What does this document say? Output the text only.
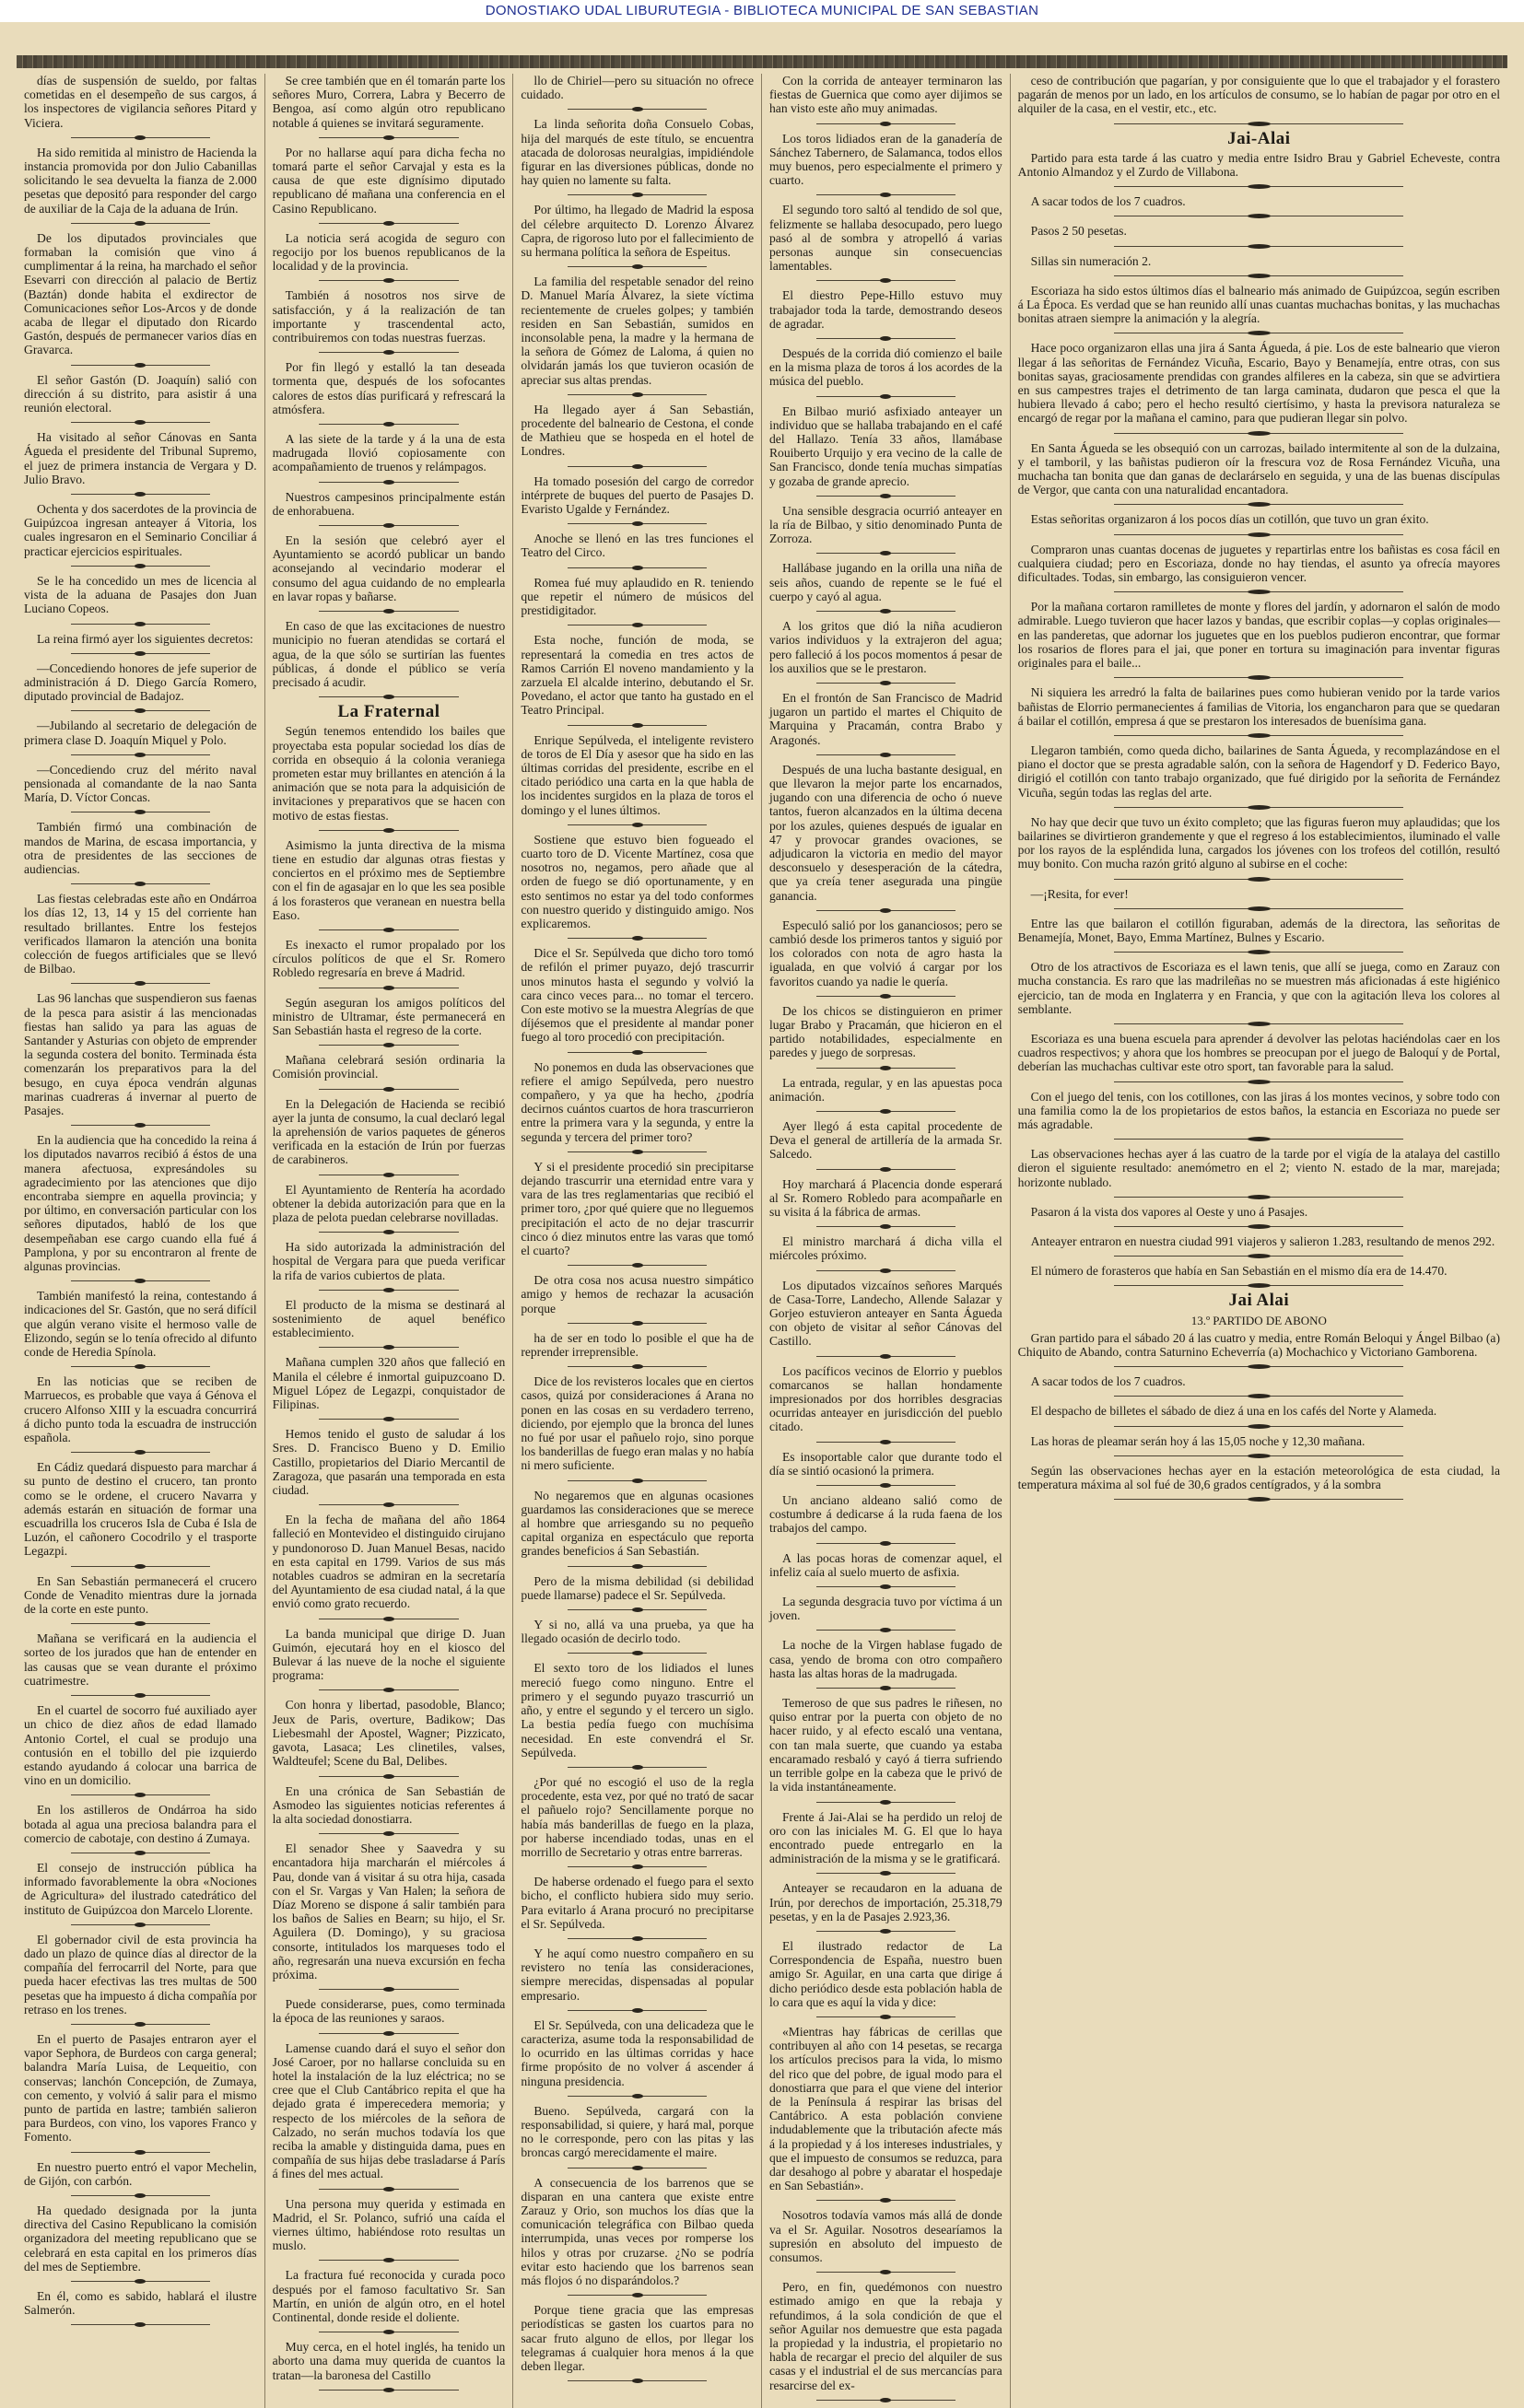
DONOSTIAKO UDAL LIBURUTEGIA - BIBLIOTECA MUNICIPAL DE SAN SEBASTIAN

días de suspensión de sueldo, por faltas cometidas en el desempeño de sus cargos, á los inspectores de vigilancia señores Pitard y Viciera.

Ha sido remitida al ministro de Hacienda la instancia promovida por don Julio Cabanillas solicitando le sea devuelta la fianza de 2.000 pesetas que depositó para responder del cargo de auxiliar de la Caja de la aduana de Irún.

De los diputados provinciales que formaban la comisión que vino á cumplimentar á la reina, ha marchado el señor Esevarri con dirección al palacio de Bertiz (Baztán) donde habita el exdirector de Comunicaciones señor Los-Arcos y de donde acaba de llegar el diputado don Ricardo Gastón, después de permanecer varios días en Gravarca.

El señor Gastón (D. Joaquín) salió con dirección á su distrito, para asistir á una reunión electoral.

Ha visitado al señor Cánovas en Santa Águeda el presidente del Tribunal Supremo, el juez de primera instancia de Vergara y D. Julio Bravo.

Ochenta y dos sacerdotes de la provincia de Guipúzcoa ingresan anteayer á Vitoria, los cuales ingresaron en el Seminario Conciliar á practicar ejercicios espirituales.

Se le ha concedido un mes de licencia al vista de la aduana de Pasajes don Juan Luciano Copeos.

La reina firmó ayer los siguientes decretos:

—Concediendo honores de jefe superior de administración á D. Diego García Romero, diputado provincial de Badajoz.

—Jubilando al secretario de delegación de primera clase D. Joaquín Miquel y Polo.

—Concediendo cruz del mérito naval pensionada al comandante de la nao Santa María, D. Víctor Concas.

También firmó una combinación de mandos de Marina, de escasa importancia, y otra de presidentes de las secciones de audiencias.

Las fiestas celebradas este año en Ondárroa los días 12, 13, 14 y 15 del corriente han resultado brillantes. Entre los festejos verificados llamaron la atención una bonita colección de fuegos artificiales que se llevó de Bilbao.

Las 96 lanchas que suspendieron sus faenas de la pesca para asistir á las mencionadas fiestas han salido ya para las aguas de Santander y Asturias con objeto de emprender la segunda costera del bonito. Terminada ésta comenzarán los preparativos para la del besugo, en cuya época vendrán algunas marinas cuadreras á invernar al puerto de Pasajes.

En la audiencia que ha concedido la reina á los diputados navarros recibió á éstos de una manera afectuosa, expresándoles su agradecimiento por las atenciones que dijo encontraba siempre en aquella provincia; y por último, en conversación particular con los señores diputados, habló de los que desempeñaban ese cargo cuando ella fué á Pamplona, y por su encontraron al frente de algunas provincias.

También manifestó la reina, contestando á indicaciones del Sr. Gastón, que no será difícil que algún verano visite el hermoso valle de Elizondo, según se lo tenía ofrecido al difunto conde de Heredia Spínola.

En las noticias que se reciben de Marruecos, es probable que vaya á Génova el crucero Alfonso XIII y la escuadra concurrirá á dicho punto toda la escuadra de instrucción española.

En Cádiz quedará dispuesto para marchar á su punto de destino el crucero, tan pronto como se le ordene, el crucero Navarra y además estarán en situación de formar una escuadrilla los cruceros Isla de Cuba é Isla de Luzón, el cañonero Cocodrilo y el trasporte Legazpi.

En San Sebastián permanecerá el crucero Conde de Venadito mientras dure la jornada de la corte en este punto.

Mañana se verificará en la audiencia el sorteo de los jurados que han de entender en las causas que se vean durante el próximo cuatrimestre.

En el cuartel de socorro fué auxiliado ayer un chico de diez años de edad llamado Antonio Cortel, el cual se produjo una contusión en el tobillo del pie izquierdo estando ayudando á colocar una barrica de vino en un domicilio.

En los astilleros de Ondárroa ha sido botada al agua una preciosa balandra para el comercio de cabotaje, con destino á Zumaya.

El consejo de instrucción pública ha informado favorablemente la obra «Nociones de Agricultura» del ilustrado catedrático del instituto de Guipúzcoa don Marcelo Llorente.

El gobernador civil de esta provincia ha dado un plazo de quince días al director de la compañía del ferrocarril del Norte, para que pueda hacer efectivas las tres multas de 500 pesetas que ha impuesto á dicha compañía por retraso en los trenes.

En el puerto de Pasajes entraron ayer el vapor Sephora, de Burdeos con carga general; balandra María Luisa, de Lequeitio, con conservas; lanchón Concepción, de Zumaya, con cemento, y volvió á salir para el mismo punto de partida en lastre; también salieron para Burdeos, con vino, los vapores Franco y Fomento.

En nuestro puerto entró el vapor Mechelin, de Gijón, con carbón.

Ha quedado designada por la junta directiva del Casino Republicano la comisión organizadora del meeting republicano que se celebrará en esta capital en los primeros días del mes de Septiembre.

En él, como es sabido, hablará el ilustre Salmerón.

Se cree también que en él tomarán parte los señores Muro, Correra, Labra y Becerro de Bengoa, así como algún otro republicano notable á quienes se invitará seguramente.

Por no hallarse aquí para dicha fecha no tomará parte el señor Carvajal y esta es la causa de que este dignísimo diputado republicano dé mañana una conferencia en el Casino Republicano.

La noticia será acogida de seguro con regocijo por los buenos republicanos de la localidad y de la provincia.

También á nosotros nos sirve de satisfacción, y á la realización de tan importante y trascendental acto, contribuiremos con todas nuestras fuerzas.

Por fin llegó y estalló la tan deseada tormenta que, después de los sofocantes calores de estos días purificará y refrescará la atmósfera.

A las siete de la tarde y á la una de esta madrugada llovió copiosamente con acompañamiento de truenos y relámpagos.

Nuestros campesinos principalmente están de enhorabuena.

En la sesión que celebró ayer el Ayuntamiento se acordó publicar un bando aconsejando al vecindario moderar el consumo del agua cuidando de no emplearla en lavar ropas y bañarse.

En caso de que las excitaciones de nuestro municipio no fueran atendidas se cortará el agua, de la que sólo se surtirían las fuentes públicas, á donde el público se vería precisado á acudir.

La Fraternal

Según tenemos entendido los bailes que proyectaba esta popular sociedad los días de corrida en obsequio á la colonia veraniega prometen estar muy brillantes en atención á la animación que se nota para la adquisición de invitaciones y preparativos que se hacen con motivo de estas fiestas.

Asimismo la junta directiva de la misma tiene en estudio dar algunas otras fiestas y conciertos en el próximo mes de Septiembre con el fin de agasajar en lo que les sea posible á los forasteros que veranean en nuestra bella Easo.

Es inexacto el rumor propalado por los círculos políticos de que el Sr. Romero Robledo regresaría en breve á Madrid.

Según aseguran los amigos políticos del ministro de Ultramar, éste permanecerá en San Sebastián hasta el regreso de la corte.

Mañana celebrará sesión ordinaria la Comisión provincial.

En la Delegación de Hacienda se recibió ayer la junta de consumo, la cual declaró legal la aprehensión de varios paquetes de géneros verificada en la estación de Irún por fuerzas de carabineros.

El Ayuntamiento de Rentería ha acordado obtener la debida autorización para que en la plaza de pelota puedan celebrarse novilladas.

Ha sido autorizada la administración del hospital de Vergara para que pueda verificar la rifa de varios cubiertos de plata.

El producto de la misma se destinará al sostenimiento de aquel benéfico establecimiento.

Mañana cumplen 320 años que falleció en Manila el célebre é inmortal guipuzcoano D. Miguel López de Legazpi, conquistador de Filipinas.

Hemos tenido el gusto de saludar á los Sres. D. Francisco Bueno y D. Emilio Castillo, propietarios del Diario Mercantil de Zaragoza, que pasarán una temporada en esta ciudad.

En la fecha de mañana del año 1864 falleció en Montevideo el distinguido cirujano y pundonoroso D. Juan Manuel Besas, nacido en esta capital en 1799. Varios de sus más notables cuadros se admiran en la secretaría del Ayuntamiento de esa ciudad natal, á la que envió como grato recuerdo.

La banda municipal que dirige D. Juan Guimón, ejecutará hoy en el kiosco del Bulevar á las nueve de la noche el siguiente programa:

Con honra y libertad, pasodoble, Blanco; Jeux de Paris, overture, Badikow; Das Liebesmahl der Apostel, Wagner; Pizzicato, gavota, Lasaca; Les clinetiles, valses, Waldteufel; Scene du Bal, Delibes.

En una crónica de San Sebastián de Asmodeo las siguientes noticias referentes á la alta sociedad donostiarra.

El senador Shee y Saavedra y su encantadora hija marcharán el miércoles á Pau, donde van á visitar á su otra hija, casada con el Sr. Vargas y Van Halen; la señora de Díaz Moreno se dispone á salir también para los baños de Salies en Bearn; su hijo, el Sr. Aguilera (D. Domingo), y su graciosa consorte, intitulados los marqueses todo el año, regresarán una nueva excursión en fecha próxima.

Puede considerarse, pues, como terminada la época de las reuniones y saraos.

Lamense cuando dará el suyo el señor don José Caroer, por no hallarse concluida su en hotel la instalación de la luz eléctrica; no se cree que el Club Cantábrico repita el que ha dejado grata é imperecedera memoria; y respecto de los miércoles de la señora de Calzado, no serán muchos todavía los que reciba la amable y distinguida dama, pues en compañía de sus hijas debe trasladarse á París á fines del mes actual.

Una persona muy querida y estimada en Madrid, el Sr. Polanco, sufrió una caída el viernes último, habiéndose roto resultas un muslo.

La fractura fué reconocida y curada poco después por el famoso facultativo Sr. San Martín, en unión de algún otro, en el hotel Continental, donde reside el doliente.

Muy cerca, en el hotel inglés, ha tenido un aborto una dama muy querida de cuantos la tratan—la baronesa del Castillo

llo de Chiriel—pero su situación no ofrece cuidado.

La linda señorita doña Consuelo Cobas, hija del marqués de este título, se encuentra atacada de dolorosas neuralgias, impidiéndole figurar en las diversiones públicas, donde no hay quien no lamente su falta.

Por último, ha llegado de Madrid la esposa del célebre arquitecto D. Lorenzo Álvarez Capra, de rigoroso luto por el fallecimiento de su hermana política la señora de Espeitus.

La familia del respetable senador del reino D. Manuel María Álvarez, la siete víctima recientemente de crueles golpes; y también residen en San Sebastián, sumidos en inconsolable pena, la madre y la hermana de la señora de Gómez de Laloma, á quien no olvidarán jamás los que tuvieron ocasión de apreciar sus altas prendas.

Ha llegado ayer á San Sebastián, procedente del balneario de Cestona, el conde de Mathieu que se hospeda en el hotel de Londres.

Ha tomado posesión del cargo de corredor intérprete de buques del puerto de Pasajes D. Evaristo Ugalde y Fernández.

Anoche se llenó en las tres funciones el Teatro del Circo.

Romea fué muy aplaudido en R. teniendo que repetir el número de músicos del prestidigitador.

Esta noche, función de moda, se representará la comedia en tres actos de Ramos Carrión El noveno mandamiento y la zarzuela El alcalde interino, debutando el Sr. Povedano, el actor que tanto ha gustado en el Teatro Principal.

Enrique Sepúlveda, el inteligente revistero de toros de El Día y asesor que ha sido en las últimas corridas del presidente, escribe en el citado periódico una carta en la que habla de los incidentes surgidos en la plaza de toros el domingo y el lunes últimos.

Sostiene que estuvo bien fogueado el cuarto toro de D. Vicente Martínez, cosa que nosotros no, negamos, pero añade que al orden de fuego se dió oportunamente, y en esto sentimos no estar ya del todo conformes con nuestro querido y distinguido amigo. Nos explicaremos.

Dice el Sr. Sepúlveda que dicho toro tomó de refilón el primer puyazo, dejó trascurrir unos minutos hasta el segundo y volvió la cara cinco veces para... no tomar el tercero. Con este motivo se la muestra Alegrías de que díjésemos que el presidente al mandar poner fuego al toro procedió con precipitación.

No ponemos en duda las observaciones que refiere el amigo Sepúlveda, pero nuestro compañero, y ya que ha hecho, ¿podría decirnos cuántos cuartos de hora trascurrieron entre la primera vara y la segunda, y entre la segunda y tercera del primer toro?

Y si el presidente procedió sin precipitarse dejando trascurrir una eternidad entre vara y vara de las tres reglamentarias que recibió el primer toro, ¿por qué quiere que no lleguemos precipitación el acto de no dejar trascurrir cinco ó diez minutos entre las varas que tomó el cuarto?

De otra cosa nos acusa nuestro simpático amigo y hemos de rechazar la acusación porque

ha de ser en todo lo posible el que ha de reprender irreprensible.

Dice de los revisteros locales que en ciertos casos, quizá por consideraciones á Arana no ponen en las cosas en su verdadero terreno, diciendo, por ejemplo que la bronca del lunes no fué por usar el pañuelo rojo, sino porque los banderillas de fuego eran malas y no había ni mero suficiente.

No negaremos que en algunas ocasiones guardamos las consideraciones que se merece al hombre que arriesgando su no pequeño capital organiza en espectáculo que reporta grandes beneficios á San Sebastián.

Pero de la misma debilidad (si debilidad puede llamarse) padece el Sr. Sepúlveda.

Y si no, allá va una prueba, ya que ha llegado ocasión de decirlo todo.

El sexto toro de los lidiados el lunes mereció fuego como ninguno. Entre el primero y el segundo puyazo trascurrió un año, y entre el segundo y el tercero un siglo. La bestia pedía fuego con muchísima necesidad. En este convendrá el Sr. Sepúlveda.

¿Por qué no escogió el uso de la regla procedente, esta vez, por qué no trató de sacar el pañuelo rojo? Sencillamente porque no había más banderillas de fuego en la plaza, por haberse incendiado todas, unas en el morrillo de Secretario y otras entre barreras.

De haberse ordenado el fuego para el sexto bicho, el conflicto hubiera sido muy serio. Para evitarlo á Arana procuró no precipitarse el Sr. Sepúlveda.

Y he aquí como nuestro compañero en su revistero no tenía las consideraciones, siempre merecidas, dispensadas al popular empresario.

El Sr. Sepúlveda, con una delicadeza que le caracteriza, asume toda la responsabilidad de lo ocurrido en las últimas corridas y hace firme propósito de no volver á ascender á ninguna presidencia.

Bueno. Sepúlveda, cargará con la responsabilidad, si quiere, y hará mal, porque no le corresponde, pero con las pitas y las broncas cargó merecidamente el maire.

A consecuencia de los barrenos que se disparan en una cantera que existe entre Zarauz y Orio, son muchos los días que la comunicación telegráfica con Bilbao queda interrumpida, unas veces por romperse los hilos y otras por cruzarse. ¿No se podría evitar esto haciendo que los barrenos sean más flojos ó no disparándolos.?

Porque tiene gracia que las empresas periodísticas se gasten los cuartos para no sacar fruto alguno de ellos, por llegar los telegramas á cualquier hora menos á la que deben llegar.

Con la corrida de anteayer terminaron las fiestas de Guernica que como ayer dijimos se han visto este año muy animadas.

Los toros lidiados eran de la ganadería de Sánchez Tabernero, de Salamanca, todos ellos muy buenos, pero especialmente el primero y cuarto.

El segundo toro saltó al tendido de sol que, felizmente se hallaba desocupado, pero luego pasó al de sombra y atropelló á varias personas aunque sin consecuencias lamentables.

El diestro Pepe-Hillo estuvo muy trabajador toda la tarde, demostrando deseos de agradar.

Después de la corrida dió comienzo el baile en la misma plaza de toros á los acordes de la música del pueblo.

En Bilbao murió asfixiado anteayer un individuo que se hallaba trabajando en el café del Hallazo. Tenía 33 años, llamábase Rouiberto Urquijo y era vecino de la calle de San Francisco, donde tenía muchas simpatías y gozaba de grande aprecio.

Una sensible desgracia ocurrió anteayer en la ría de Bilbao, y sitio denominado Punta de Zorroza.

Hallábase jugando en la orilla una niña de seis años, cuando de repente se le fué el cuerpo y cayó al agua.

A los gritos que dió la niña acudieron varios individuos y la extrajeron del agua; pero falleció á los pocos momentos á pesar de los auxilios que se le prestaron.

En el frontón de San Francisco de Madrid jugaron un partido el martes el Chiquito de Marquina y Pracamán, contra Brabo y Aragonés.

Después de una lucha bastante desigual, en que llevaron la mejor parte los encarnados, jugando con una diferencia de ocho ó nueve tantos, fueron alcanzados en la última decena por los azules, quienes después de igualar en 47 y provocar grandes ovaciones, se adjudicaron la victoria en medio del mayor desconsuelo y desesperación de la cátedra, que ya creía tener asegurada una pingüe ganancia.

Especuló salió por los gananciosos; pero se cambió desde los primeros tantos y siguió por los colorados con nota de agro hasta la igualada, en que volvió á cargar por los favoritos cuando ya nadie le quería.

De los chicos se distinguieron en primer lugar Brabo y Pracamán, que hicieron en el partido notabilidades, especialmente en paredes y juego de sorpresas.

La entrada, regular, y en las apuestas poca animación.

Ayer llegó á esta capital procedente de Deva el general de artillería de la armada Sr. Salcedo.

Hoy marchará á Placencia donde esperará al Sr. Romero Robledo para acompañarle en su visita á la fábrica de armas.

El ministro marchará á dicha villa el miércoles próximo.

Los diputados vizcaínos señores Marqués de Casa-Torre, Landecho, Allende Salazar y Gorjeo estuvieron anteayer en Santa Águeda con objeto de visitar al señor Cánovas del Castillo.

Los pacíficos vecinos de Elorrio y pueblos comarcanos se hallan hondamente impresionados por dos horribles desgracias ocurridas anteayer en jurisdicción del pueblo citado.

Es insoportable calor que durante todo el día se sintió ocasionó la primera.

Un anciano aldeano salió como de costumbre á dedicarse á la ruda faena de los trabajos del campo.

A las pocas horas de comenzar aquel, el infeliz caía al suelo muerto de asfixia.

La segunda desgracia tuvo por víctima á un joven.

La noche de la Virgen hablase fugado de casa, yendo de broma con otro compañero hasta las altas horas de la madrugada.

Temeroso de que sus padres le riñesen, no quiso entrar por la puerta con objeto de no hacer ruido, y al efecto escaló una ventana, con tan mala suerte, que cuando ya estaba encaramado resbaló y cayó á tierra sufriendo un terrible golpe en la cabeza que le privó de la vida instantáneamente.

Frente á Jai-Alai se ha perdido un reloj de oro con las iniciales M. G. El que lo haya encontrado puede entregarlo en la administración de la misma y se le gratificará.

Anteayer se recaudaron en la aduana de Irún, por derechos de importación, 25.318,79 pesetas, y en la de Pasajes 2.923,36.

El ilustrado redactor de La Correspondencia de España, nuestro buen amigo Sr. Aguilar, en una carta que dirige á dicho periódico desde esta población habla de lo cara que es aquí la vida y dice:

«Mientras hay fábricas de cerillas que contribuyen al año con 14 pesetas, se recarga los artículos precisos para la vida, lo mismo del rico que del pobre, de igual modo para el donostiarra que para el que viene del interior de la Península á respirar las brisas del Cantábrico. A esta población conviene indudablemente que la tributación afecte más á la propiedad y á los intereses industriales, y que el impuesto de consumos se reduzca, para dar desahogo al pobre y abaratar el hospedaje en San Sebastián».

Nosotros todavía vamos más allá de donde va el Sr. Aguilar. Nosotros desearíamos la supresión en absoluto del impuesto de consumos.

Pero, en fin, quedémonos con nuestro estimado amigo en que la rebaja y refundimos, á la sola condición de que el señor Aguilar nos demuestre que esta pagada la propiedad y la industria, el propietario no habla de recargar el precio del alquiler de sus casas y el industrial el de sus mercancías para resarcirse del ex-

ceso de contribución que pagarían, y por consiguiente que lo que el trabajador y el forastero pagarán de menos por un lado, en los artículos de consumo, se lo habían de pagar por otro en el alquiler de la casa, en el vestir, etc., etc.

Jai-Alai

Partido para esta tarde á las cuatro y media entre Isidro Brau y Gabriel Echeveste, contra Antonio Almandoz y el Zurdo de Villabona.

A sacar todos de los 7 cuadros.

Pasos 2 50 pesetas.

Sillas sin numeración 2.

Escoriaza ha sido estos últimos días el balneario más animado de Guipúzcoa, según escriben á La Época. Es verdad que se han reunido allí unas cuantas muchachas bonitas, y las muchachas bonitas atraen siempre la animación y la alegría.

Hace poco organizaron ellas una jira á Santa Águeda, á pie. Los de este balneario que vieron llegar á las señoritas de Fernández Vicuña, Escario, Bayo y Benamejía, entre otras, con sus bonitas sayas, graciosamente prendidas con grandes alfileres en la cabeza, sin que se advirtiera en sus campestres trajes el detrimento de tan larga caminata, dudaron que pesca el que la hubiera llevado á cabo; pero el hecho resultó ciertísimo, y hasta la previsora naturaleza se encargó de regar por la mañana el camino, para que pudieran llegar sin polvo.

En Santa Águeda se les obsequió con un carrozas, bailado intermitente al son de la dulzaina, y el tamboril, y las bañistas pudieron oír la frescura voz de Rosa Fernández Vicuña, una muchacha tan bonita que dan ganas de declarárselo en seguida, y una de las buenas discípulas de Vergor, que canta con una naturalidad encantadora.

Estas señoritas organizaron á los pocos días un cotillón, que tuvo un gran éxito.

Compraron unas cuantas docenas de juguetes y repartirlas entre los bañistas es cosa fácil en cualquiera ciudad; pero en Escoriaza, donde no hay tiendas, el asunto ya ofrecía mayores dificultades. Todas, sin embargo, las consiguieron vencer.

Por la mañana cortaron ramilletes de monte y flores del jardín, y adornaron el salón de modo admirable. Luego tuvieron que hacer lazos y bandas, que escribir coplas—y coplas originales—en las panderetas, que adornar los juguetes que en los pueblos pudieron encontrar, que formar los rosarios de flores para el jai, que poner en tortura su imaginación para inventar figuras originales para el baile...

Ni siquiera les arredró la falta de bailarines pues como hubieran venido por la tarde varios bañistas de Elorrio permanecientes á familias de Vitoria, los engancharon para que se quedaran á bailar el cotillón, empresa á que se prestaron los interesados de buenísima gana.

Llegaron también, como queda dicho, bailarines de Santa Águeda, y recomplazándose en el piano el doctor que se presta agradable salón, con la señora de Hagendorf y D. Federico Bayo, dirigió el cotillón con tanto trabajo organizado, que fué dirigido por la señorita de Fernández Vicuña, según todas las reglas del arte.

No hay que decir que tuvo un éxito completo; que las figuras fueron muy aplaudidas; que los bailarines se divirtieron grandemente y que el regreso á los establecimientos, iluminado el valle por los rayos de la espléndida luna, cargados los jóvenes con los trofeos del cotillón, resultó muy bonito. Con mucha razón gritó alguno al subirse en el coche:

—¡Resita, for ever!

Entre las que bailaron el cotillón figuraban, además de la directora, las señoritas de Benamejía, Monet, Bayo, Emma Martínez, Bulnes y Escario.

Otro de los atractivos de Escoriaza es el lawn tenis, que allí se juega, como en Zarauz con mucha constancia. Es raro que las madrileñas no se muestren más aficionadas á este higiénico ejercicio, tan de moda en Inglaterra y en Francia, y que con la agitación lleva los colores al semblante.

Escoriaza es una buena escuela para aprender á devolver las pelotas haciéndolas caer en los cuadros respectivos; y ahora que los hombres se preocupan por el juego de Baloquí y de Portal, deberían las muchachas cultivar este otro sport, tan favorable para la salud.

Con el juego del tenis, con los cotillones, con las jiras á los montes vecinos, y sobre todo con una familia como la de los propietarios de estos baños, la estancia en Escoriaza no puede ser más agradable.

Las observaciones hechas ayer á las cuatro de la tarde por el vigía de la atalaya del castillo dieron el siguiente resultado: anemómetro en el 2; viento N. estado de la mar, marejada; horizonte nublado.

Pasaron á la vista dos vapores al Oeste y uno á Pasajes.

Anteayer entraron en nuestra ciudad 991 viajeros y salieron 1.283, resultando de menos 292.

El número de forasteros que había en San Sebastián en el mismo día era de 14.470.

Jai Alai
13.º PARTIDO DE ABONO

Gran partido para el sábado 20 á las cuatro y media, entre Román Beloqui y Ángel Bilbao (a) Chiquito de Abando, contra Saturnino Echeverría (a) Mochachico y Victoriano Gamborena.

A sacar todos de los 7 cuadros.

El despacho de billetes el sábado de diez á una en los cafés del Norte y Alameda.

Las horas de pleamar serán hoy á las 15,05 noche y 12,30 mañana.

Según las observaciones hechas ayer en la estación meteorológica de esta ciudad, la temperatura máxima al sol fué de 30,6 grados centígrados, y á la sombra
